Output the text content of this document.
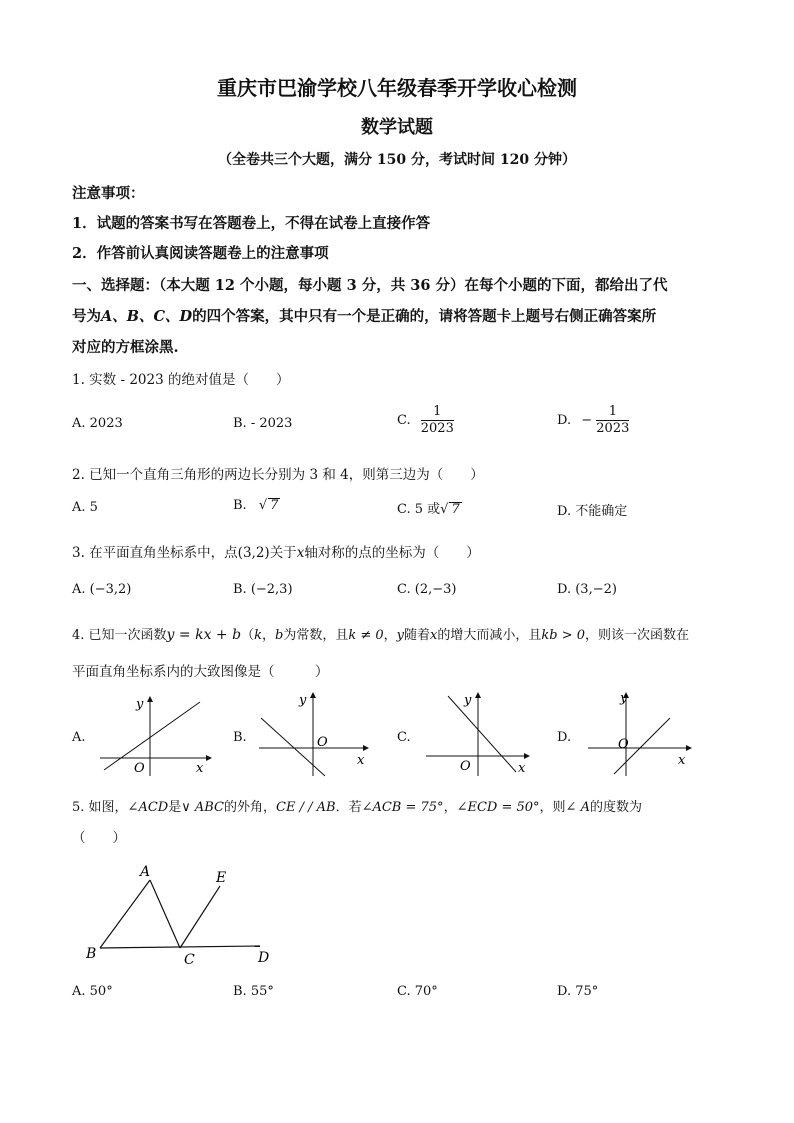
重庆市巴渝学校八年级春季开学收心检测
数学试题
（全卷共三个大题，满分 150 分，考试时间 120 分钟）
注意事项：
1．试题的答案书写在答题卷上，不得在试卷上直接作答
2．作答前认真阅读答题卷上的注意事项
一、选择题：（本大题 12 个小题，每小题 3 分，共 36 分）在每个小题的下面，都给出了代
号为A、B、C、D的四个答案，其中只有一个是正确的，请将答题卡上题号右侧正确答案所
对应的方框涂黑.
1. 实数 - 2023 的绝对值是（　　）
A. 2023	B. - 2023	C. $\frac{1}{2023}$	D. − $\frac{1}{2023}$
2. 已知一个直角三角形的两边长分别为 3 和 4，则第三边为（　　）
A. 5	B. √ 7	C. 5 或√ 7	D. 不能确定
3. 在平面直角坐标系中，点(3,2)关于x轴对称的点的坐标为（　　）
A. (−3,2)	B. (−2,3)	C. (2,−3)	D. (3,−2)
4. 已知一次函数y = kx + b（k，b为常数，且k ≠ 0，y随着x的增大而减小，且kb > 0，则该一次函数在
平面直角坐标系内的大致图像是（　　　）
A.
y
x
O
B.
y
x
O	C.
y
x
O
D.
y
x
O
5. 如图，∠ACD是∨ ABC的外角，CE / / AB．若∠ACB = 75°，∠ECD = 50°，则∠ A的度数为
（　　）
A	E
B	C	D
A. 50°	B. 55°	C. 70°	D. 75°
